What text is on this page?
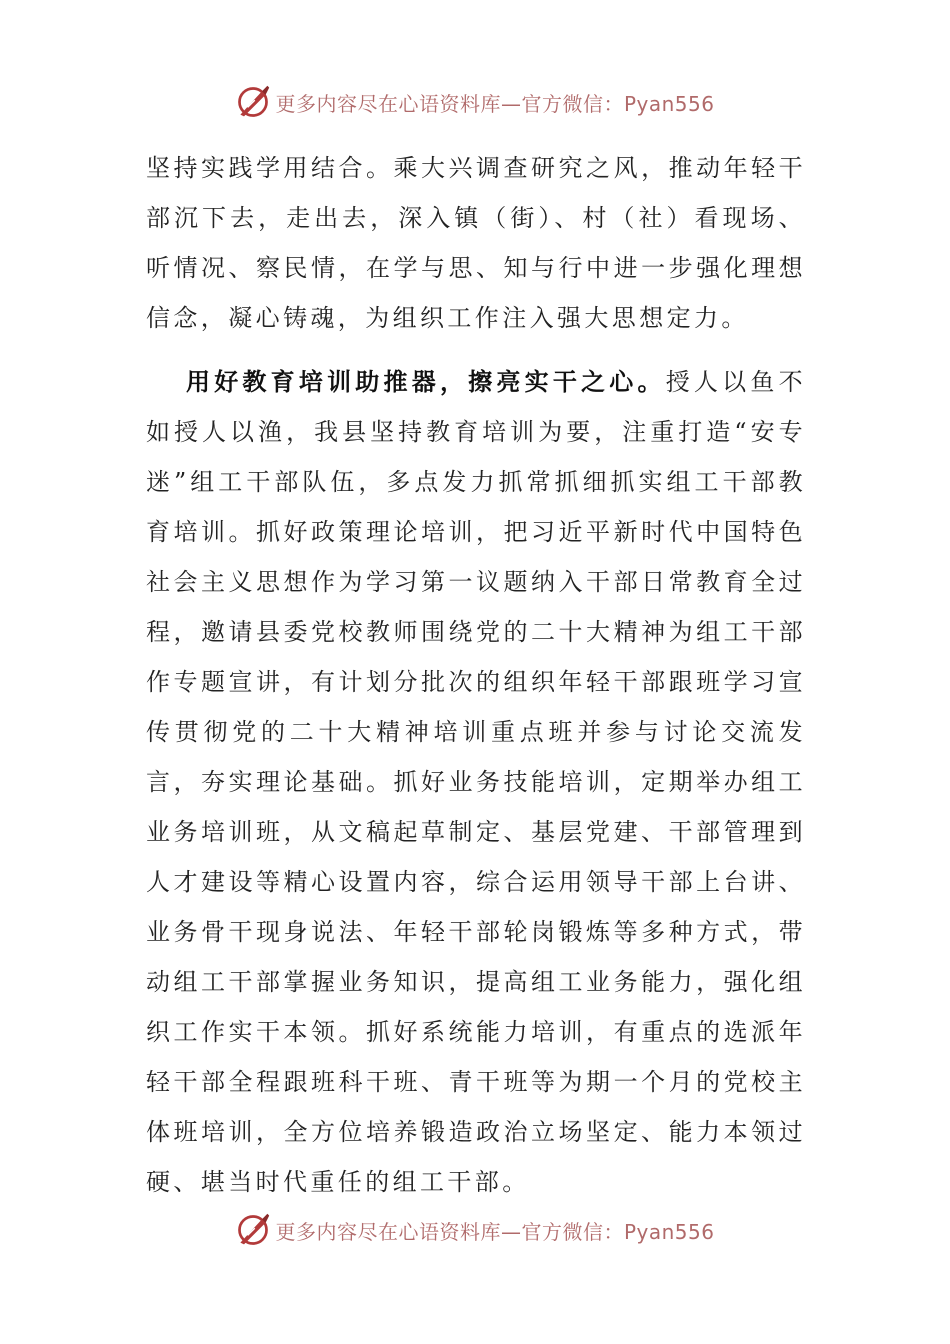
更多内容尽在心语资料库—官方微信：Pyan556

坚持实践学用结合。乘大兴调查研究之风，推动年轻干部沉下去，走出去，深入镇（街）、村（社）看现场、听情况、察民情，在学与思、知与行中进一步强化理想信念，凝心铸魂，为组织工作注入强大思想定力。

用好教育培训助推器，擦亮实干之心。授人以鱼不如授人以渔，我县坚持教育培训为要，注重打造“安专迷”组工干部队伍，多点发力抓常抓细抓实组工干部教育培训。抓好政策理论培训，把习近平新时代中国特色社会主义思想作为学习第一议题纳入干部日常教育全过程，邀请县委党校教师围绕党的二十大精神为组工干部作专题宣讲，有计划分批次的组织年轻干部跟班学习宣传贯彻党的二十大精神培训重点班并参与讨论交流发言，夯实理论基础。抓好业务技能培训，定期举办组工业务培训班，从文稿起草制定、基层党建、干部管理到人才建设等精心设置内容，综合运用领导干部上台讲、业务骨干现身说法、年轻干部轮岗锻炼等多种方式，带动组工干部掌握业务知识，提高组工业务能力，强化组织工作实干本领。抓好系统能力培训，有重点的选派年轻干部全程跟班科干班、青干班等为期一个月的党校主体班培训，全方位培养锻造政治立场坚定、能力本领过硬、堪当时代重任的组工干部。

更多内容尽在心语资料库—官方微信：Pyan556
